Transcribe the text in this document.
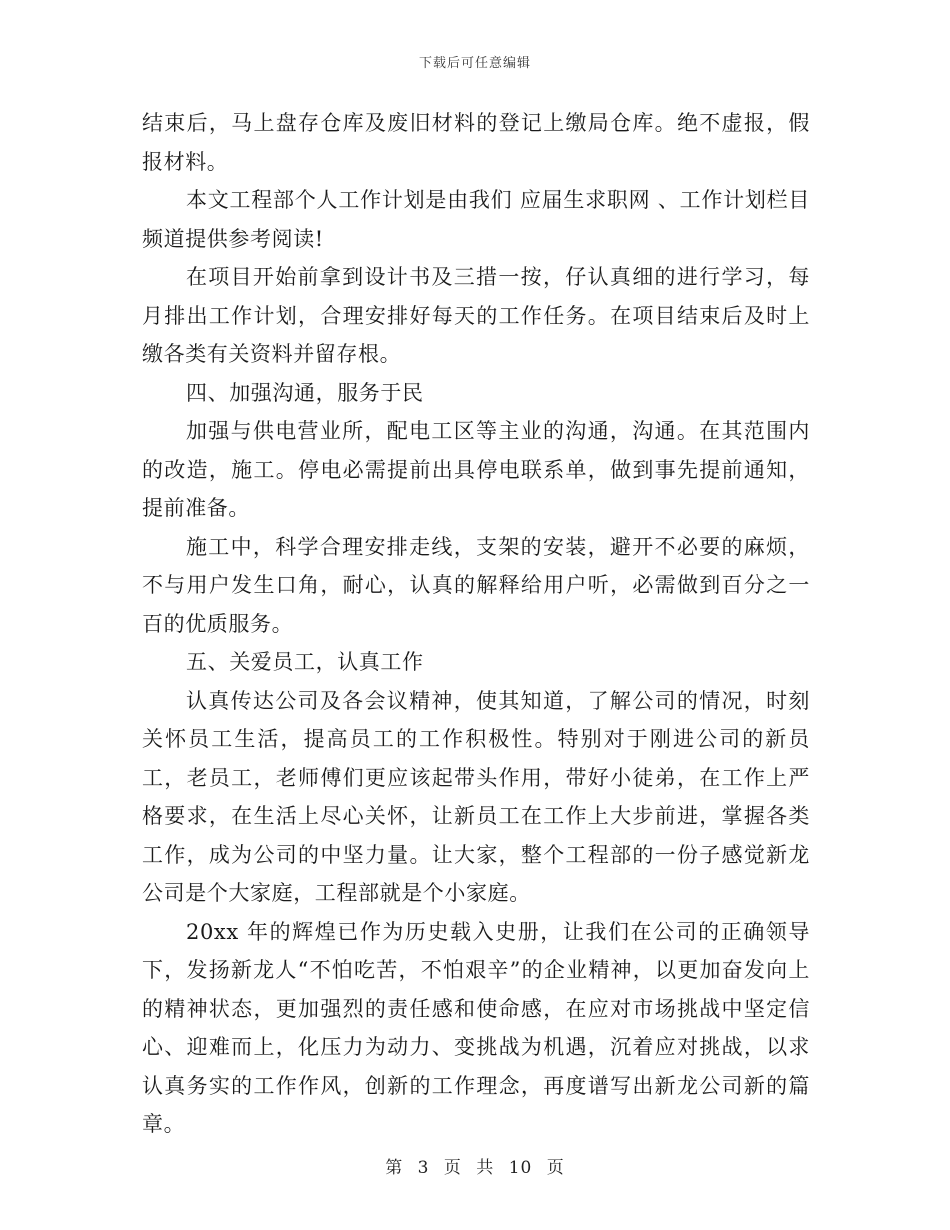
下载后可任意编辑

结束后，马上盘存仓库及废旧材料的登记上缴局仓库。绝不虚报，假报材料。

本文工程部个人工作计划是由我们 应届生求职网 、工作计划栏目频道提供参考阅读!

在项目开始前拿到设计书及三措一按，仔认真细的进行学习，每月排出工作计划，合理安排好每天的工作任务。在项目结束后及时上缴各类有关资料并留存根。

四、加强沟通，服务于民

加强与供电营业所，配电工区等主业的沟通，沟通。在其范围内的改造，施工。停电必需提前出具停电联系单，做到事先提前通知，提前准备。

施工中，科学合理安排走线，支架的安装，避开不必要的麻烦，不与用户发生口角，耐心，认真的解释给用户听，必需做到百分之一百的优质服务。

五、关爱员工，认真工作

认真传达公司及各会议精神，使其知道，了解公司的情况，时刻关怀员工生活，提高员工的工作积极性。特别对于刚进公司的新员工，老员工，老师傅们更应该起带头作用，带好小徒弟，在工作上严格要求，在生活上尽心关怀，让新员工在工作上大步前进，掌握各类工作，成为公司的中坚力量。让大家，整个工程部的一份子感觉新龙公司是个大家庭，工程部就是个小家庭。

20xx 年的辉煌已作为历史载入史册，让我们在公司的正确领导下，发扬新龙人“不怕吃苦，不怕艰辛”的企业精神，以更加奋发向上的精神状态，更加强烈的责任感和使命感，在应对市场挑战中坚定信心、迎难而上，化压力为动力、变挑战为机遇，沉着应对挑战，以求认真务实的工作作风，创新的工作理念，再度谱写出新龙公司新的篇章。

第 3 页 共 10 页
